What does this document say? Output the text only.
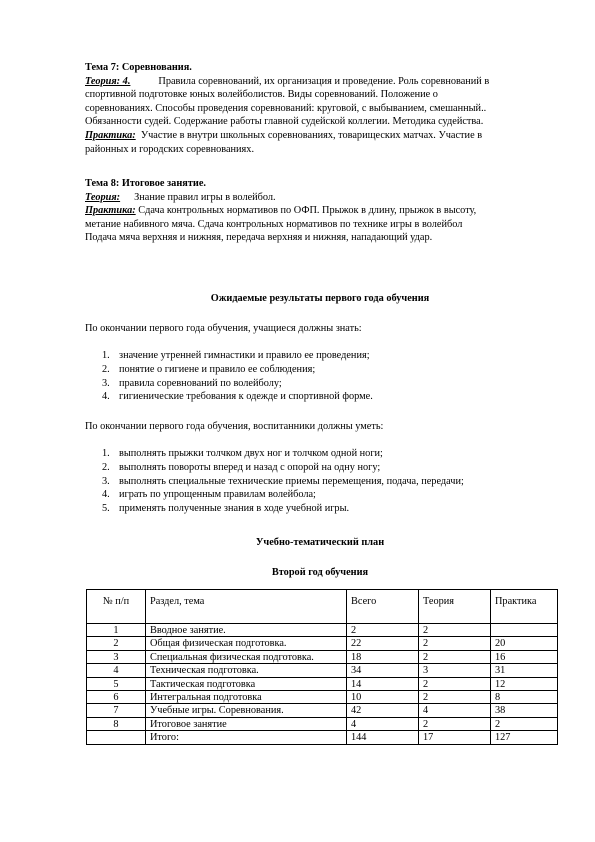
Тема 7: Соревнования.
Теория: 4.	Правила соревнований, их организация и проведение. Роль соревнований в
спортивной подготовке юных волейболистов. Виды соревнований. Положение о
соревнованиях. Способы проведения соревнований: круговой, с выбыванием, смешанный..
Обязанности судей. Содержание работы главной судейской коллегии. Методика судейства.
Практика: Участие в внутри школьных соревнованиях, товарищеских матчах. Участие в
районных и городских соревнованиях.
Тема 8: Итоговое занятие.
Теория: Знание правил игры в волейбол.
Практика: Сдача контрольных нормативов по ОФП. Прыжок в длину, прыжок в высоту,
метание набивного мяча. Сдача контрольных нормативов по технике игры в волейбол
Подача мяча верхняя и нижняя, передача верхняя и нижняя, нападающий удар.
Ожидаемые результаты первого года обучения
По окончании первого года обучения, учащиеся должны знать:
1. значение утренней гимнастики и правило ее проведения;
2. понятие о гигиене и правило ее соблюдения;
3. правила соревнований по волейболу;
4. гигиенические требования к одежде и спортивной форме.
По окончании первого года обучения, воспитанники должны уметь:
1. выполнять прыжки толчком двух ног и толчком одной ноги;
2. выполнять повороты вперед и назад с опорой на одну ногу;
3. выполнять специальные технические приемы перемещения, подача, передачи;
4. играть по упрощенным правилам волейбола;
5. применять полученные знания в ходе учебной игры.
Учебно-тематический план
Второй год обучения
№ п/п	Раздел, тема	Всего	Теория	Практика
1	Вводное занятие.	2	2	
2	Общая физическая подготовка.	22	2	20
3	Специальная физическая подготовка.	18	2	16
4	Техническая подготовка.	34	3	31
5	Тактическая подготовка	14	2	12
6	Интегральная подготовка	10	2	8
7	Учебные игры. Соревнования.	42	4	38
8	Итоговое занятие	4	2	2
	Итого:	144	17	127
